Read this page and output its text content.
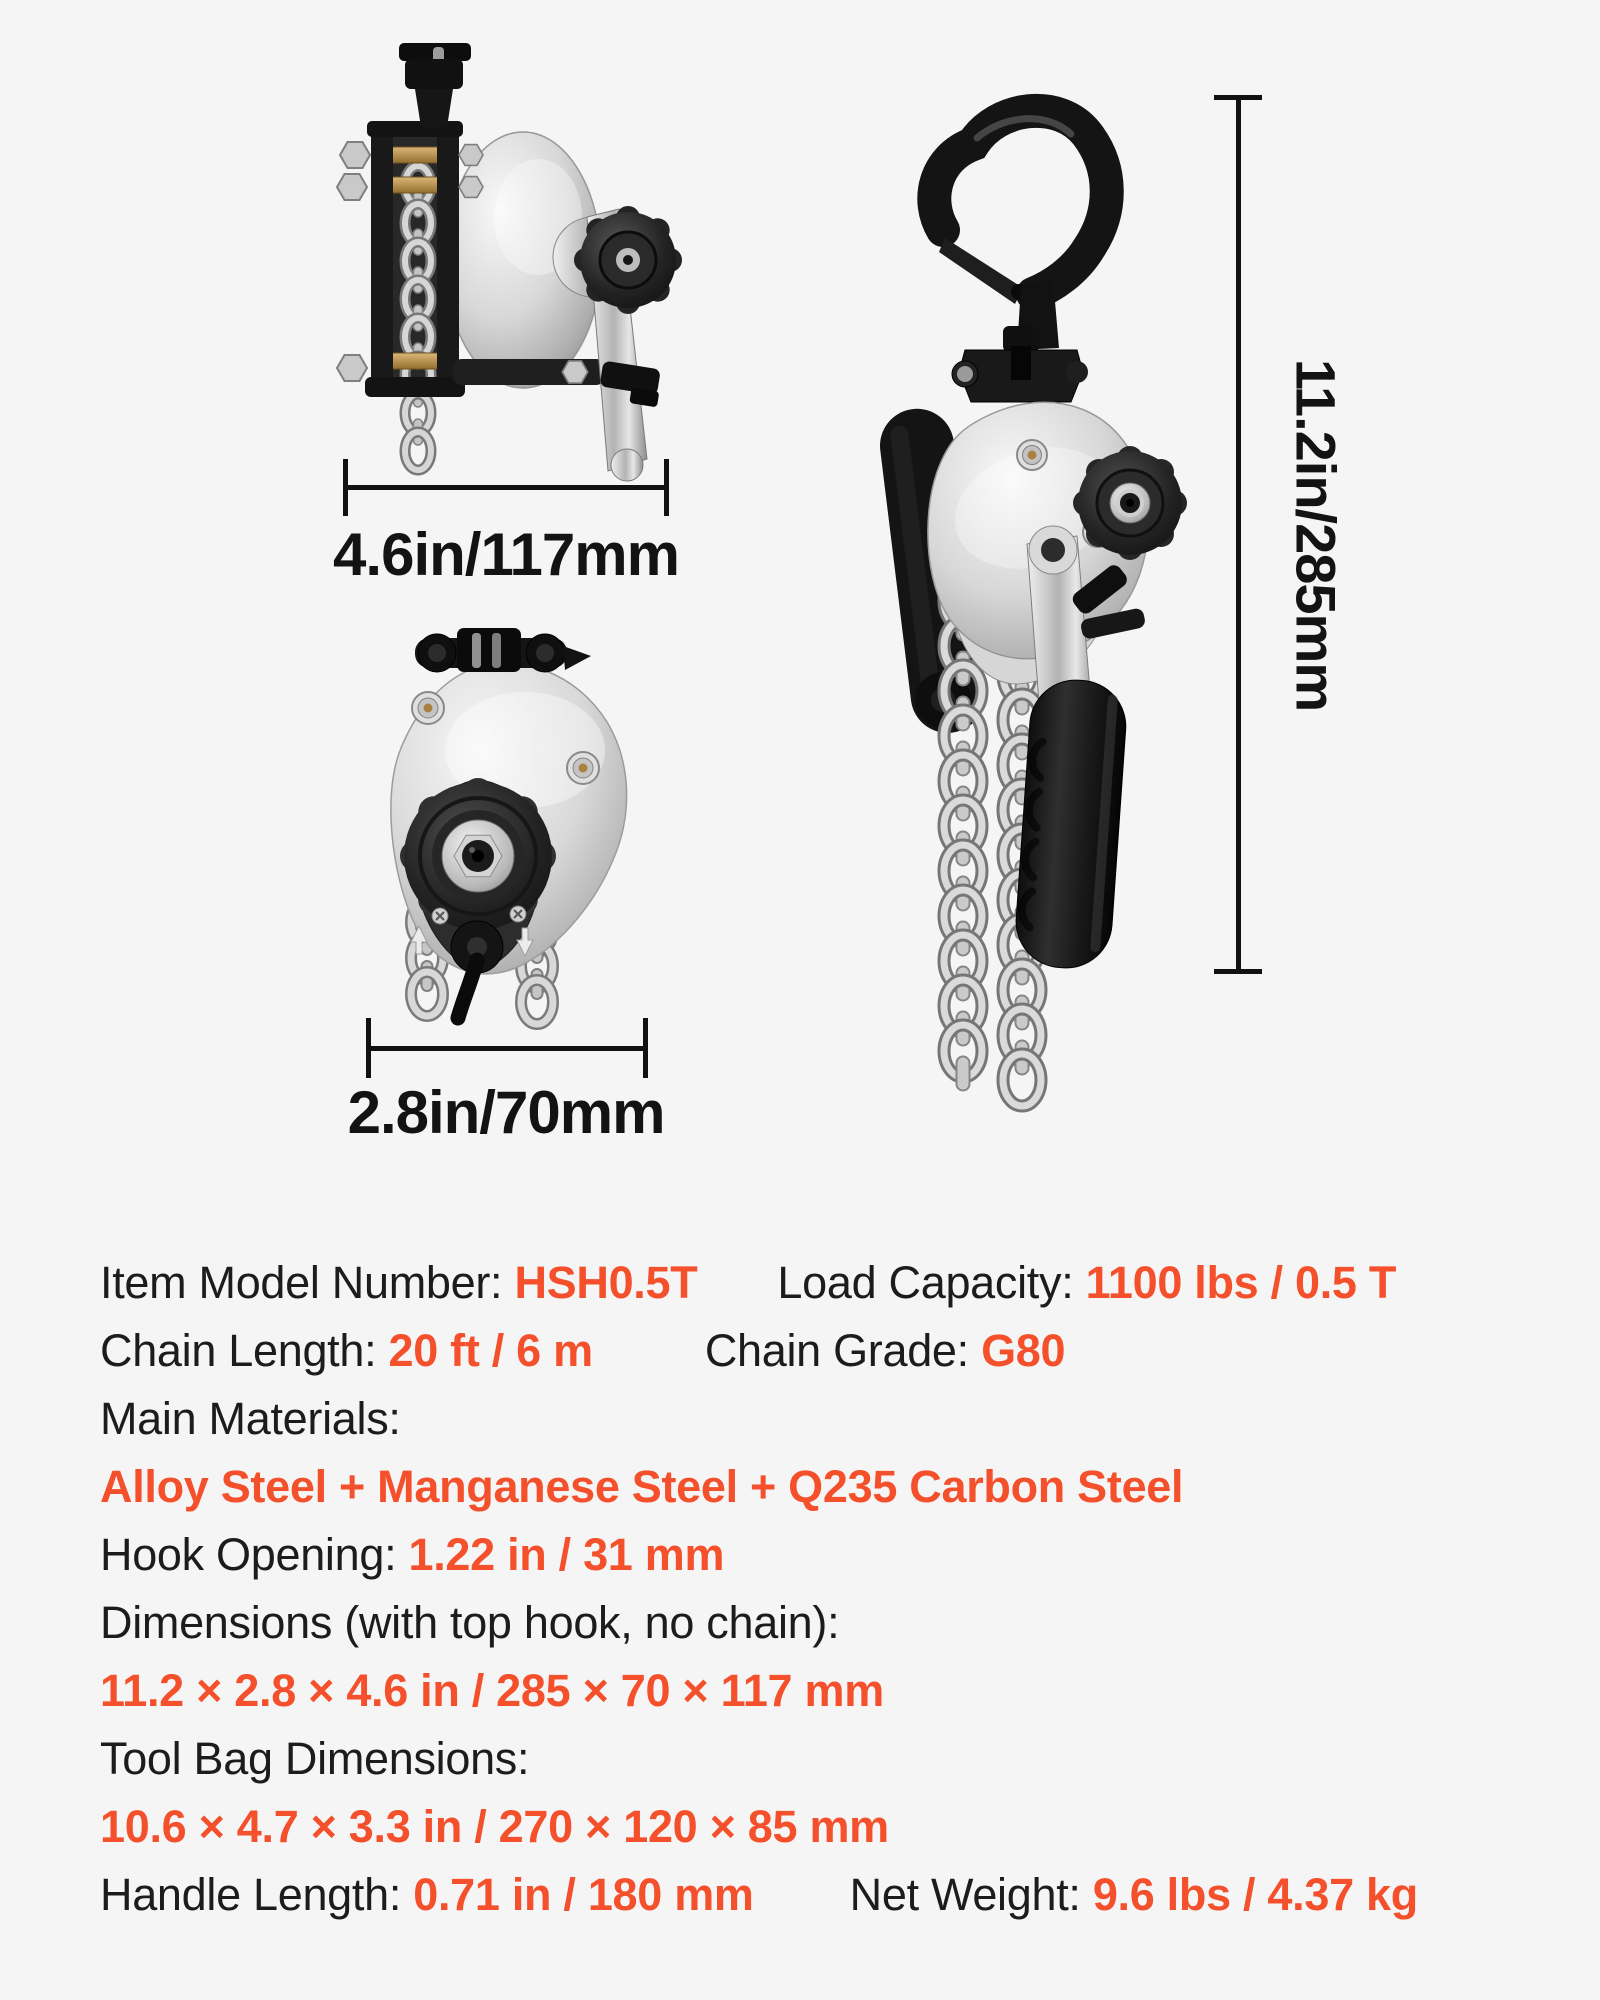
4.6in/117mm
2.8in/70mm
11.2in/285mm
Item Model Number: HSH0.5T Load Capacity: 1100 lbs / 0.5 T
Chain Length: 20 ft / 6 m Chain Grade: G80
Main Materials:
Alloy Steel + Manganese Steel + Q235 Carbon Steel
Hook Opening: 1.22 in / 31 mm
Dimensions (with top hook, no chain):
11.2 × 2.8 × 4.6 in / 285 × 70 × 117 mm
Tool Bag Dimensions:
10.6 × 4.7 × 3.3 in / 270 × 120 × 85 mm
Handle Length: 0.71 in / 180 mm Net Weight: 9.6 lbs / 4.37 kg
